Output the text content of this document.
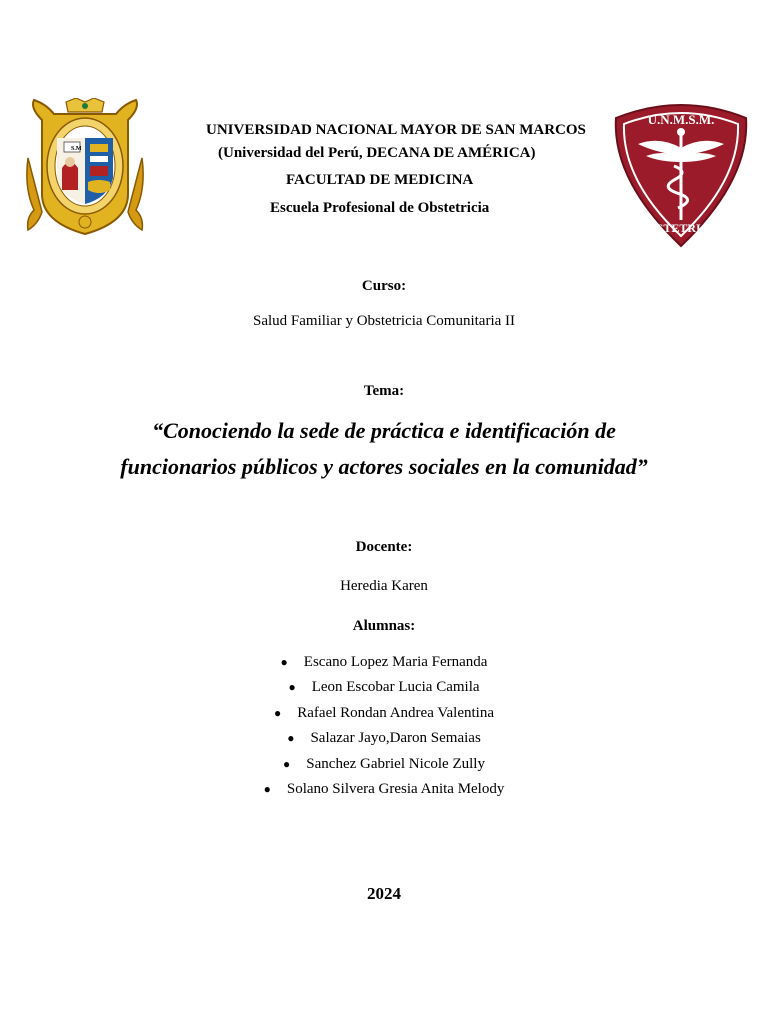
S.M
U.N.M.S.M.
OBSTETRICIA
UNIVERSIDAD NACIONAL MAYOR DE SAN MARCOS
(Universidad del Perú, DECANA DE AMÉRICA)
FACULTAD DE MEDICINA
Escuela Profesional de Obstetricia
Curso:
Salud Familiar y Obstetricia Comunitaria II
Tema:
“Conociendo la sede de práctica e identificación de
funcionarios públicos y actores sociales en la comunidad”
Docente:
Heredia Karen
Alumnas:
● Escano Lopez Maria Fernanda
● Leon Escobar Lucia Camila
● Rafael Rondan Andrea Valentina
● Salazar Jayo,Daron Semaias
● Sanchez Gabriel Nicole Zully
● Solano Silvera Gresia Anita Melody
2024
